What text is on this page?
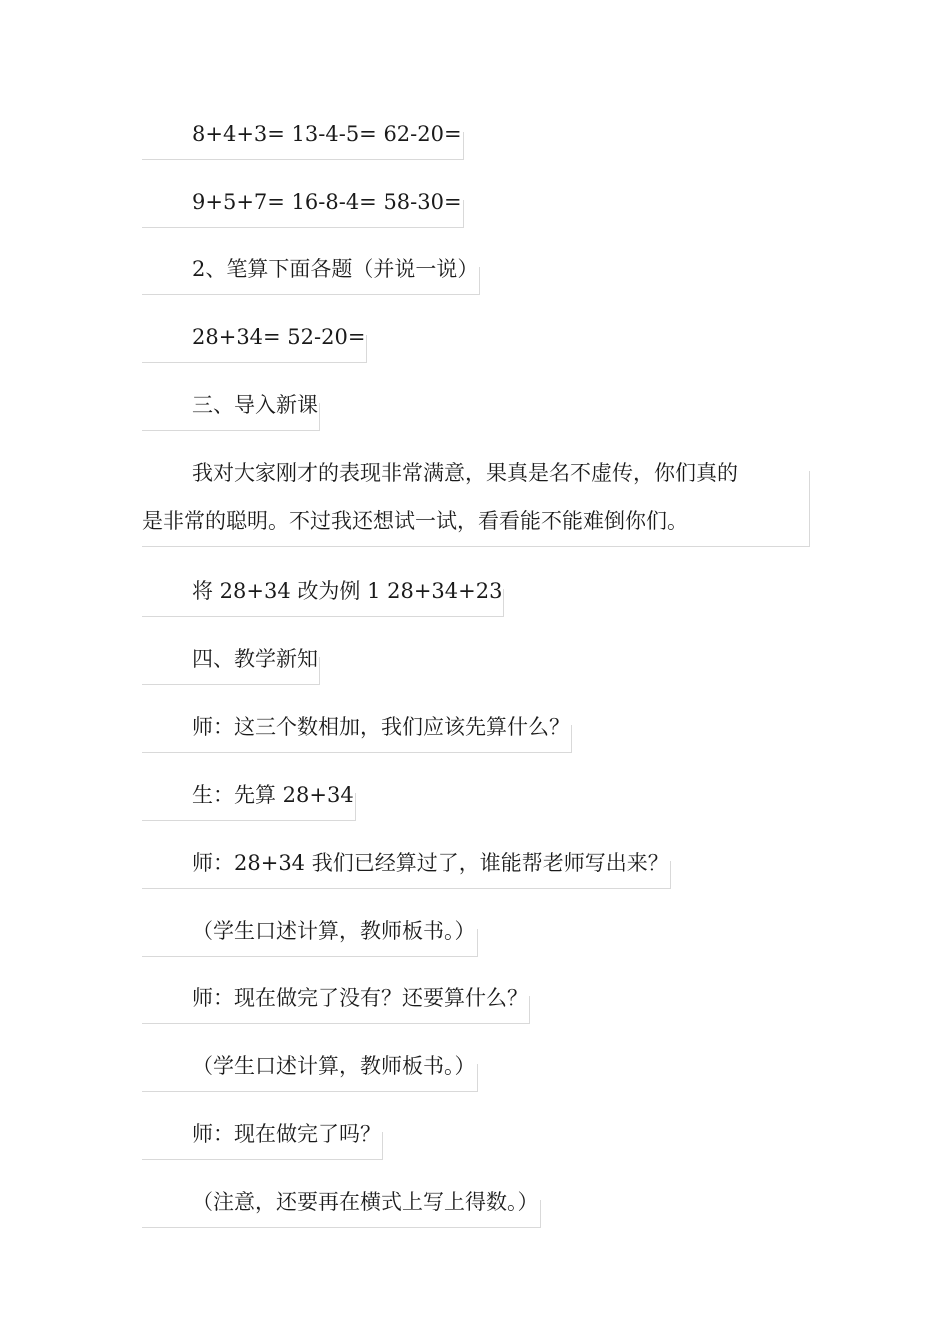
8+4+3= 13-4-5= 62-20=
9+5+7= 16-8-4= 58-30=
2、笔算下面各题（并说一说）
28+34= 52-20=
三、导入新课
我对大家刚才的表现非常满意，果真是名不虚传，你们真的
是非常的聪明。不过我还想试一试，看看能不能难倒你们。
将 28+34 改为例 1 28+34+23
四、教学新知
师：这三个数相加，我们应该先算什么？
生：先算 28+34
师：28+34 我们已经算过了，谁能帮老师写出来？
（学生口述计算，教师板书。）
师：现在做完了没有？还要算什么？
（学生口述计算，教师板书。）
师：现在做完了吗？
（注意，还要再在横式上写上得数。）
